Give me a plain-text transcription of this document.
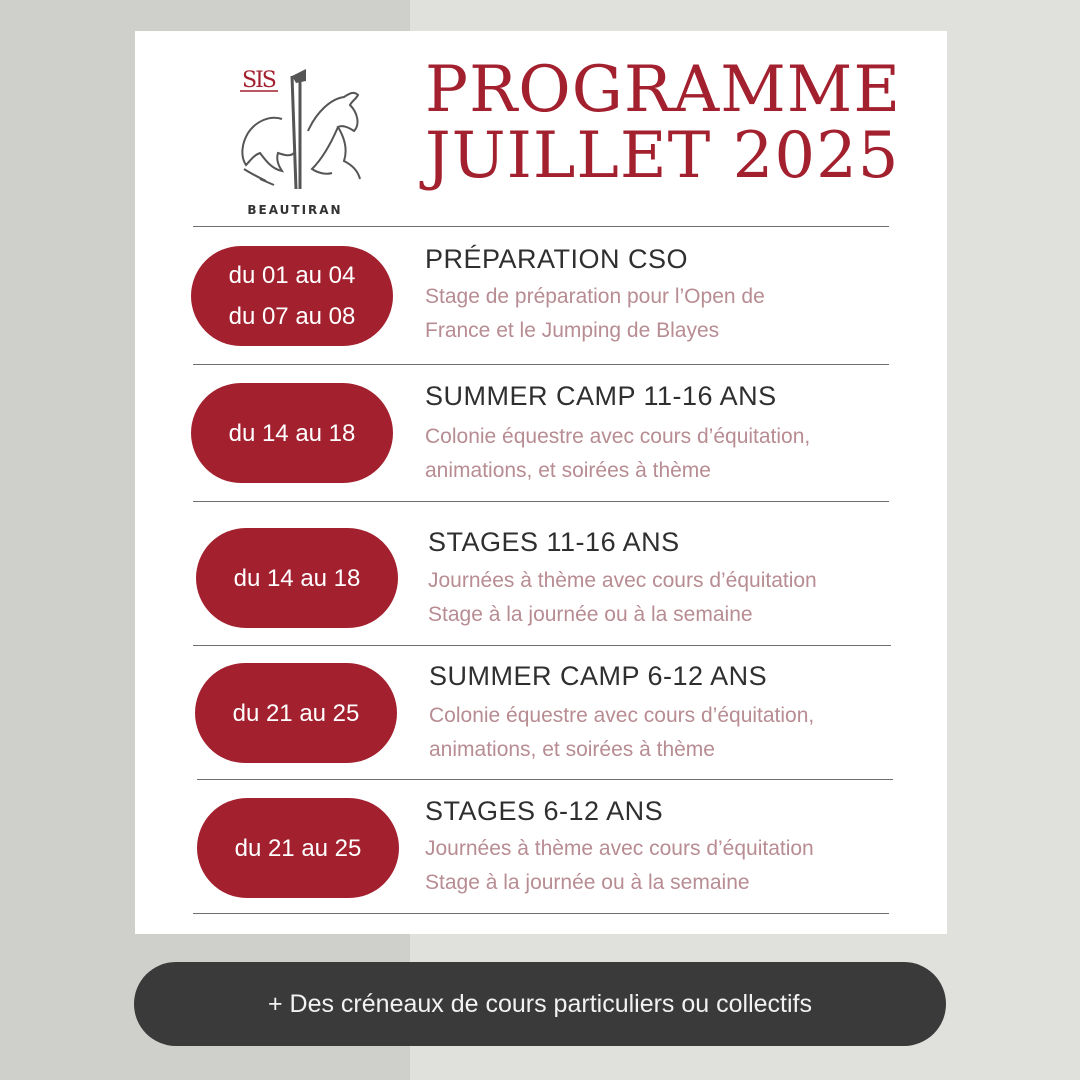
SIS
BEAUTIRAN
PROGRAMME
JUILLET 2025
du 01 au 04
du 07 au 08
PRÉPARATION CSO
Stage de préparation pour l’Open de
France et le Jumping de Blayes
du 14 au 18
SUMMER CAMP 11-16 ANS
Colonie équestre avec cours d’équitation,
animations, et soirées à thème
du 14 au 18
STAGES 11-16 ANS
Journées à thème avec cours d’équitation
Stage à la journée ou à la semaine
du 21 au 25
SUMMER CAMP 6-12 ANS
Colonie équestre avec cours d’équitation,
animations, et soirées à thème
du 21 au 25
STAGES 6-12 ANS
Journées à thème avec cours d’équitation
Stage à la journée ou à la semaine
+ Des créneaux de cours particuliers ou collectifs
